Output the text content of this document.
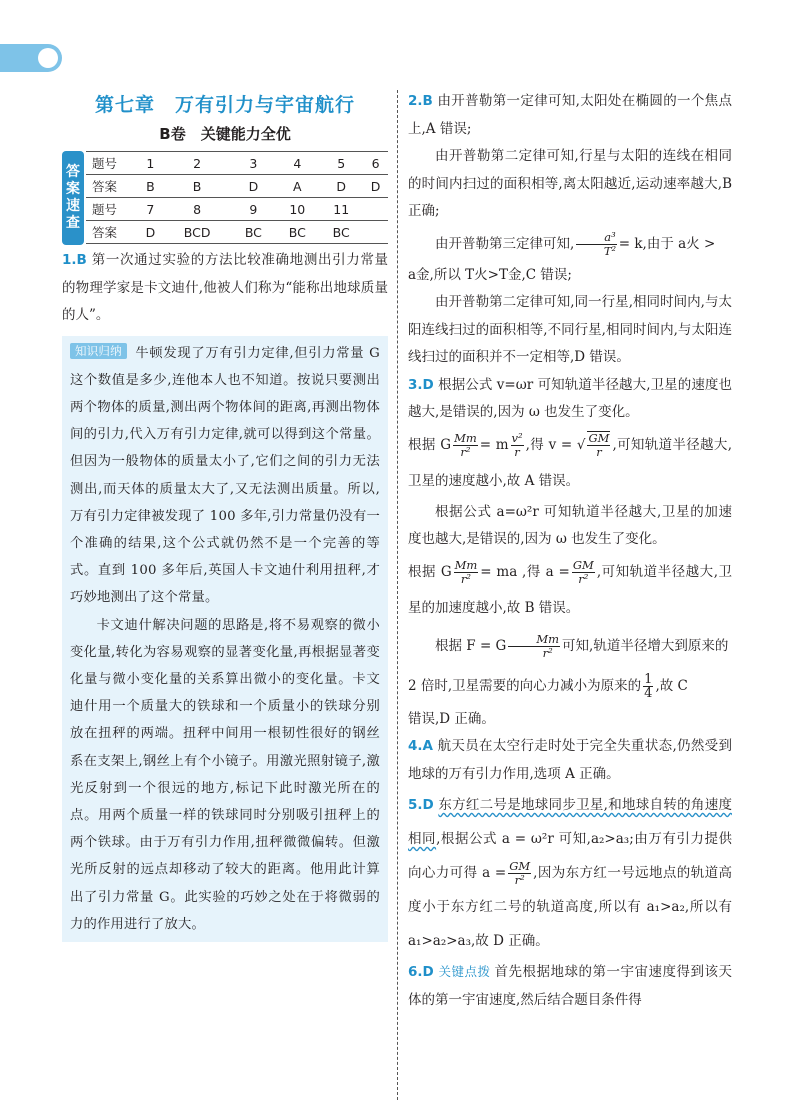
第七章　万有引力与宇宙航行
B卷　关键能力全优
答
案
速
查
题号	1	2	3	4	5	6
答案	B	B	D	A	D	D
题号	7	8	9	10	11	
答案	D	BCD	BC	BC	BC	

1.B 第一次通过实验的方法比较准确地测出引力常量的物理学家是卡文迪什,他被人们称为“能称出地球质量的人”。

知识归纳 牛顿发现了万有引力定律,但引力常量 G 这个数值是多少,连他本人也不知道。按说只要测出两个物体的质量,测出两个物体间的距离,再测出物体间的引力,代入万有引力定律,就可以得到这个常量。但因为一般物体的质量太小了,它们之间的引力无法测出,而天体的质量太大了,又无法测出质量。所以,万有引力定律被发现了 100 多年,引力常量仍没有一个准确的结果,这个公式就仍然不是一个完善的等式。直到 100 多年后,英国人卡文迪什利用扭秤,才巧妙地测出了这个常量。

卡文迪什解决问题的思路是,将不易观察的微小变化量,转化为容易观察的显著变化量,再根据显著变化量与微小变化量的关系算出微小的变化量。卡文迪什用一个质量大的铁球和一个质量小的铁球分别放在扭秤的两端。扭秤中间用一根韧性很好的钢丝系在支架上,钢丝上有个小镜子。用激光照射镜子,激光反射到一个很远的地方,标记下此时激光所在的点。用两个质量一样的铁球同时分别吸引扭秤上的两个铁球。由于万有引力作用,扭秤微微偏转。但激光所反射的远点却移动了较大的距离。他用此计算出了引力常量 G。此实验的巧妙之处在于将微弱的力的作用进行了放大。

2.B 由开普勒第一定律可知,太阳处在椭圆的一个焦点上,A 错误;

由开普勒第二定律可知,行星与太阳的连线在相同的时间内扫过的面积相等,离太阳越近,运动速率越大,B 正确;

由开普勒第三定律可知, $\frac{\text{a³}}{\text{T²}} = k$,由于 a火 >

a金,所以 T火>T金,C 错误;

由开普勒第二定律可知,同一行星,相同时间内,与太阳连线扫过的面积相等,不同行星,相同时间内,与太阳连线扫过的面积并不一定相等,D 错误。

3.D 根据公式 v=ωr 可知轨道半径越大,卫星的速度也越大,是错误的,因为 ω 也发生了变化。

根据 G $\frac{Mm}{\text{r²}} = m \frac{\text{v²}}{r}$ ,得 v = √ $\frac{GM}{r}$ ,可知轨道半径越大,卫星的速度越小,故 A 错误。

根据公式 a=ω²r 可知轨道半径越大,卫星的加速度也越大,是错误的,因为 ω 也发生了变化。

根据 G $\frac{Mm}{\text{r²}}$ = ma ,得 $a = \frac{GM}{\text{r²}}$ ,可知轨道半径越大,卫星的加速度越小,故 B 错误。

根据 F = G $\frac{Mm}{\text{r²}}$ 可知,轨道半径增大到原来的

2 倍时,卫星需要的向心力减小为原来的 $\frac{1}{4}$ ,故 C

错误,D 正确。

4.A 航天员在太空行走时处于完全失重状态,仍然受到地球的万有引力作用,选项 A 正确。

5.D 东方红二号是地球同步卫星,和地球自转的角速度相同,根据公式 a = ω²r 可知,a₂>a₃;由万有引力提供向心力可得 $a = \frac{GM}{\text{r²}}$ ,因为东方红一号远地点的轨道高度小于东方红二号的轨道高度,所以有 a₁>a₂,所以有 a₁>a₂>a₃,故 D 正确。

6.D 关键点拨 首先根据地球的第一宇宙速度得到该天体的第一宇宙速度,然后结合题目条件得
